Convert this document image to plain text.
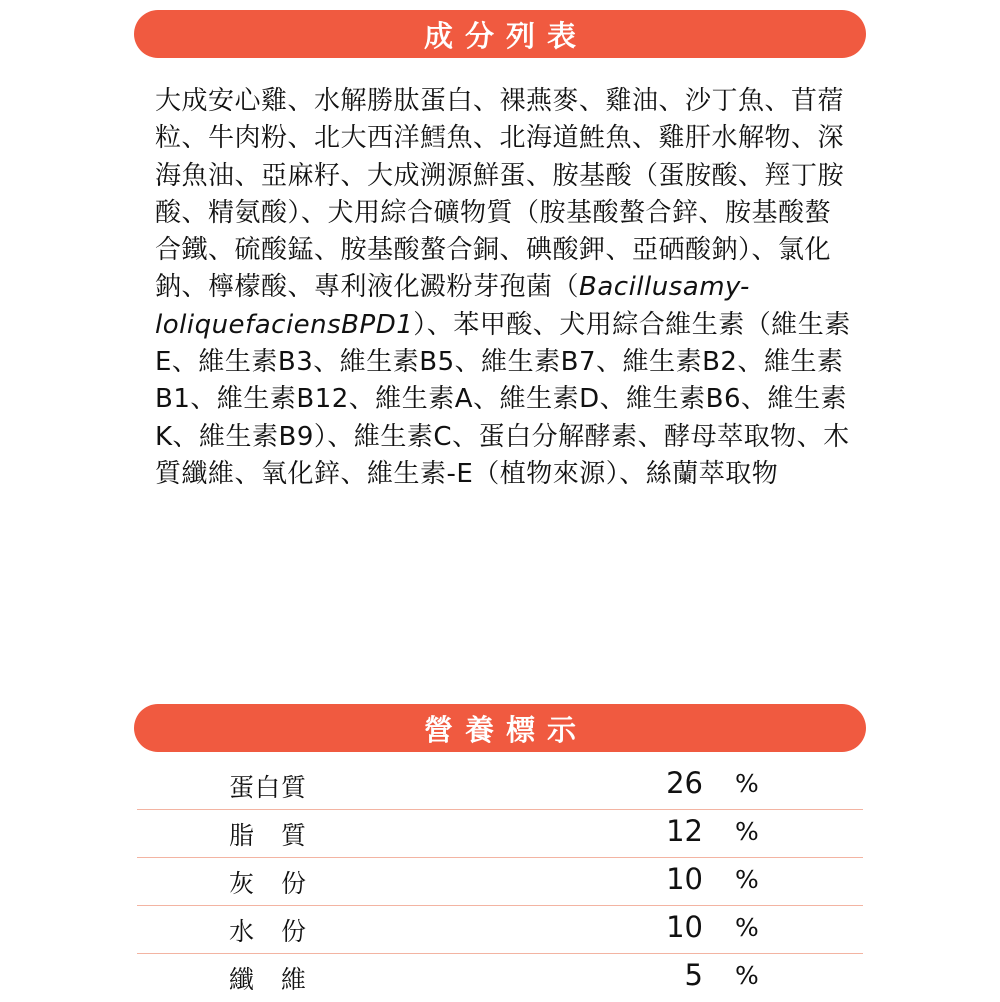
成分列表

大成安心雞、水解勝肽蛋白、裸燕麥、雞油、沙丁魚、苜蓿粒、牛肉粉、北大西洋鱈魚、北海道鮏魚、雞肝水解物、深海魚油、亞麻籽、大成溯源鮮蛋、胺基酸（蛋胺酸、羥丁胺酸、精氨酸）、犬用綜合礦物質（胺基酸螯合鋅、胺基酸螯合鐵、硫酸錳、胺基酸螯合銅、碘酸鉀、亞硒酸鈉）、氯化鈉、檸檬酸、專利液化澱粉芽孢菌（Bacillusamy-loliquefaciensBPD1）、苯甲酸、犬用綜合維生素（維生素E、維生素B3、維生素B5、維生素B7、維生素B2、維生素B1、維生素B12、維生素A、維生素D、維生素B6、維生素K、維生素B9）、維生素C、蛋白分解酵素、酵母萃取物、木質纖維、氧化鋅、維生素-E（植物來源）、絲蘭萃取物

營養標示
蛋白質	26 %
脂　質	12 %
灰　份	10 %
水　份	10 %
纖　維	5 %
